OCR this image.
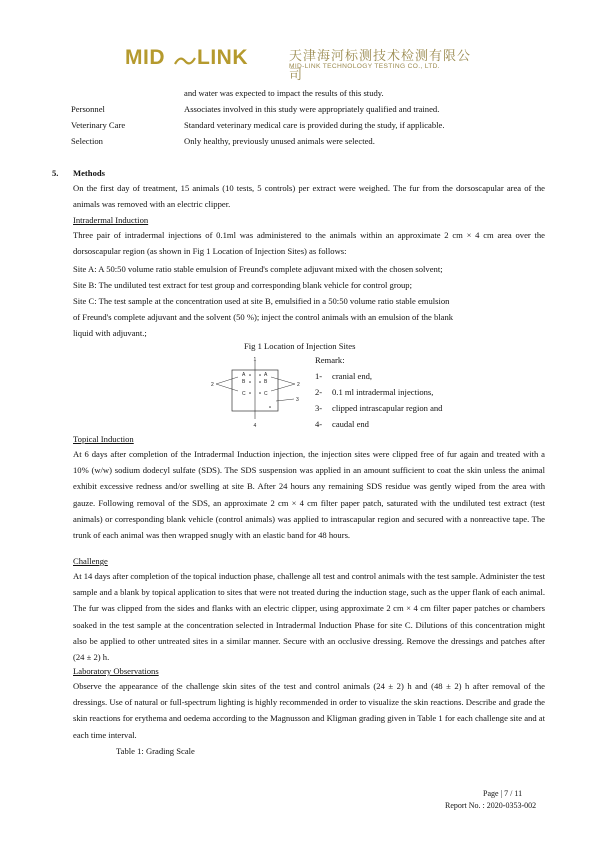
MID LINK	天津海河标测技术检测有限公司
MID-LINK TECHNOLOGY TESTING CO., LTD.
and water was expected to impact the results of this study.
Personnel	Associates involved in this study were appropriately qualified and trained.
Veterinary Care	Standard veterinary medical care is provided during the study, if applicable.
Selection	Only healthy, previously unused animals were selected.
5. Methods
On the first day of treatment, 15 animals (10 tests, 5 controls) per extract were weighed. The fur from the dorsoscapular area of the animals was removed with an electric clipper.
Intradermal Induction
Three pair of intradermal injections of 0.1ml was administered to the animals within an approximate 2 cm × 4 cm area over the dorsoscapular region (as shown in Fig 1 Location of Injection Sites) as follows:
Site A: A 50:50 volume ratio stable emulsion of Freund's complete adjuvant mixed with the chosen solvent;
Site B: The undiluted test extract for test group and corresponding blank vehicle for control group;
Site C: The test sample at the concentration used at site B, emulsified in a 50:50 volume ratio stable emulsion
of Freund's complete adjuvant and the solvent (50 %); inject the control animals with an emulsion of the blank
liquid with adjuvant.;
Fig 1 Location of Injection Sites
1
4
2	2
3
A
B
C
A
B
C
Remark:
1- cranial end,
2- 0.1 ml intradermal injections,
3- clipped intrascapular region and
4- caudal end
Topical Induction
At 6 days after completion of the Intradermal Induction injection, the injection sites were clipped free of fur again and treated with a 10% (w/w) sodium dodecyl sulfate (SDS). The SDS suspension was applied in an amount sufficient to coat the skin unless the animal exhibit excessive redness and/or swelling at site B. After 24 hours any remaining SDS residue was gently wiped from the area with gauze. Following removal of the SDS, an approximate 2 cm × 4 cm filter paper patch, saturated with the undiluted test extract (test animals) or corresponding blank vehicle (control animals) was applied to intrascapular region and secured with a nonreactive tape. The trunk of each animal was then wrapped snugly with an elastic band for 48 hours.
Challenge
At 14 days after completion of the topical induction phase, challenge all test and control animals with the test sample. Administer the test sample and a blank by topical application to sites that were not treated during the induction stage, such as the upper flank of each animal. The fur was clipped from the sides and flanks with an electric clipper, using approximate 2 cm × 4 cm filter paper patches or chambers soaked in the test sample at the concentration selected in Intradermal Induction Phase for site C. Dilutions of this concentration might also be applied to other untreated sites in a similar manner. Secure with an occlusive dressing. Remove the dressings and patches after (24 ± 2) h.
Laboratory Observations
Observe the appearance of the challenge skin sites of the test and control animals (24 ± 2) h and (48 ± 2) h after removal of the dressings. Use of natural or full-spectrum lighting is highly recommended in order to visualize the skin reactions. Describe and grade the skin reactions for erythema and oedema according to the Magnusson and Kligman grading given in Table 1 for each challenge site and at each time interval.
Table 1: Grading Scale
Page | 7 / 11
Report No. : 2020-0353-002
